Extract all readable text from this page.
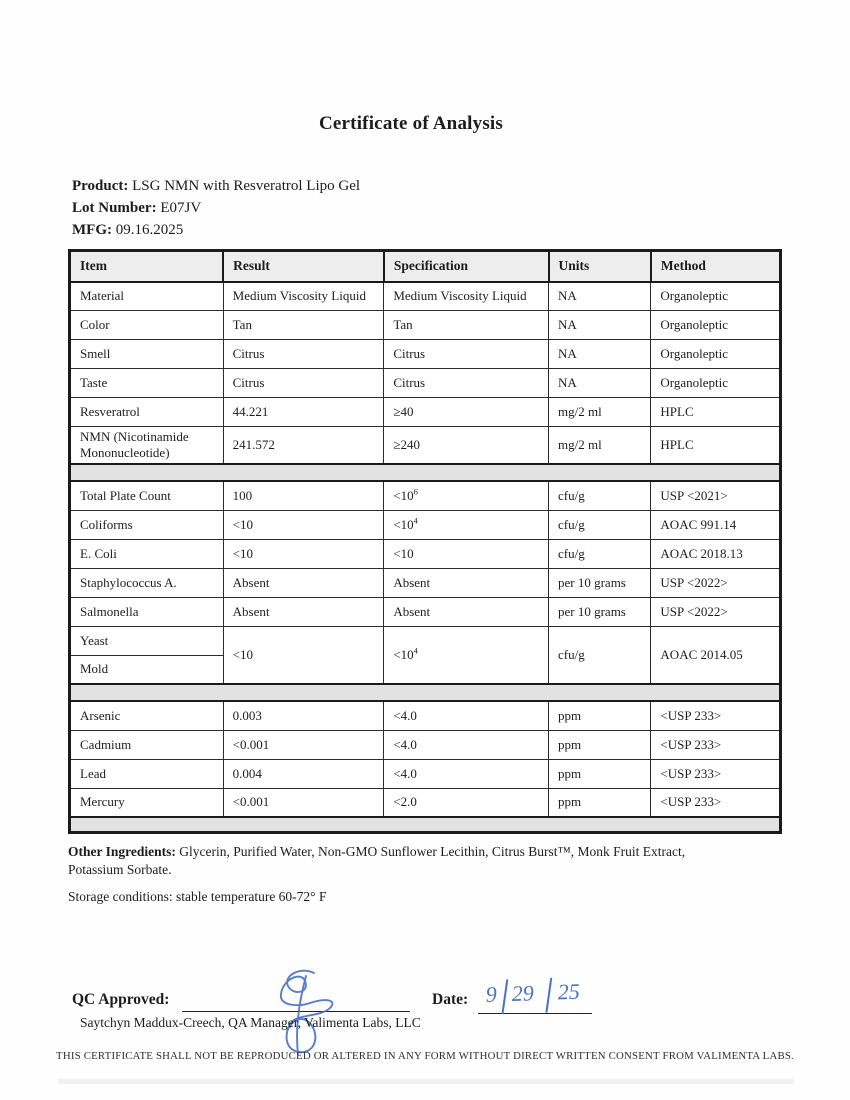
Certificate of Analysis
Product: LSG NMN with Resveratrol Lipo Gel
Lot Number: E07JV
MFG: 09.16.2025
Item	Result	Specification	Units	Method
Material	Medium Viscosity Liquid	Medium Viscosity Liquid	NA	Organoleptic
Color	Tan	Tan	NA	Organoleptic
Smell	Citrus	Citrus	NA	Organoleptic
Taste	Citrus	Citrus	NA	Organoleptic
Resveratrol	44.221	≥40	mg/2 ml	HPLC
NMN (Nicotinamide Mononucleotide)	241.572	≥240	mg/2 ml	HPLC

Total Plate Count	100	$<10^6$	cfu/g	USP <2021>
Coliforms	<10	$<10^4$	cfu/g	AOAC 991.14
E. Coli	<10	<10	cfu/g	AOAC 2018.13
Staphylococcus A.	Absent	Absent	per 10 grams	USP <2022>
Salmonella	Absent	Absent	per 10 grams	USP <2022>
Yeast	<10	$<10^4$	cfu/g	AOAC 2014.05
Mold				

Arsenic	0.003	<4.0	ppm	<USP 233>
Cadmium	<0.001	<4.0	ppm	<USP 233>
Lead	0.004	<4.0	ppm	<USP 233>
Mercury	<0.001	<2.0	ppm	<USP 233>

Other Ingredients: Glycerin, Purified Water, Non-GMO Sunflower Lecithin, Citrus Burst™, Monk Fruit Extract, Potassium Sorbate.
Storage conditions: stable temperature 60-72° F
QC Approved:	Date: 9 29 25
Saytchyn Maddux-Creech, QA Manager, Valimenta Labs, LLC
THIS CERTIFICATE SHALL NOT BE REPRODUCED OR ALTERED IN ANY FORM WITHOUT DIRECT WRITTEN CONSENT FROM VALIMENTA LABS.
